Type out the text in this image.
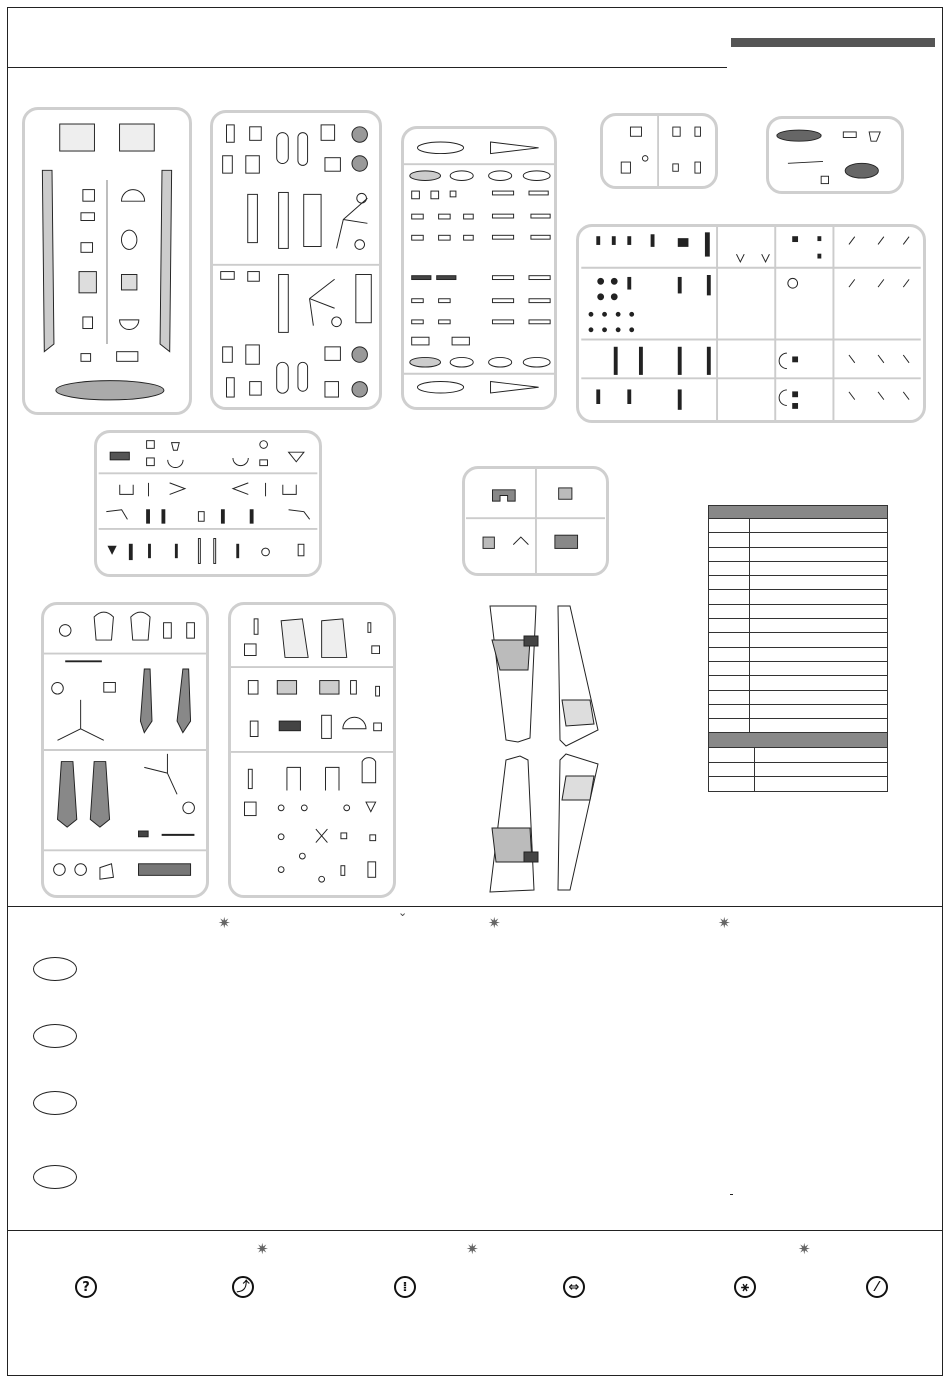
✷
⌄
✷	✷
✷	✷	✷
?	⤴	⁞	⇔	⚹	⁄
